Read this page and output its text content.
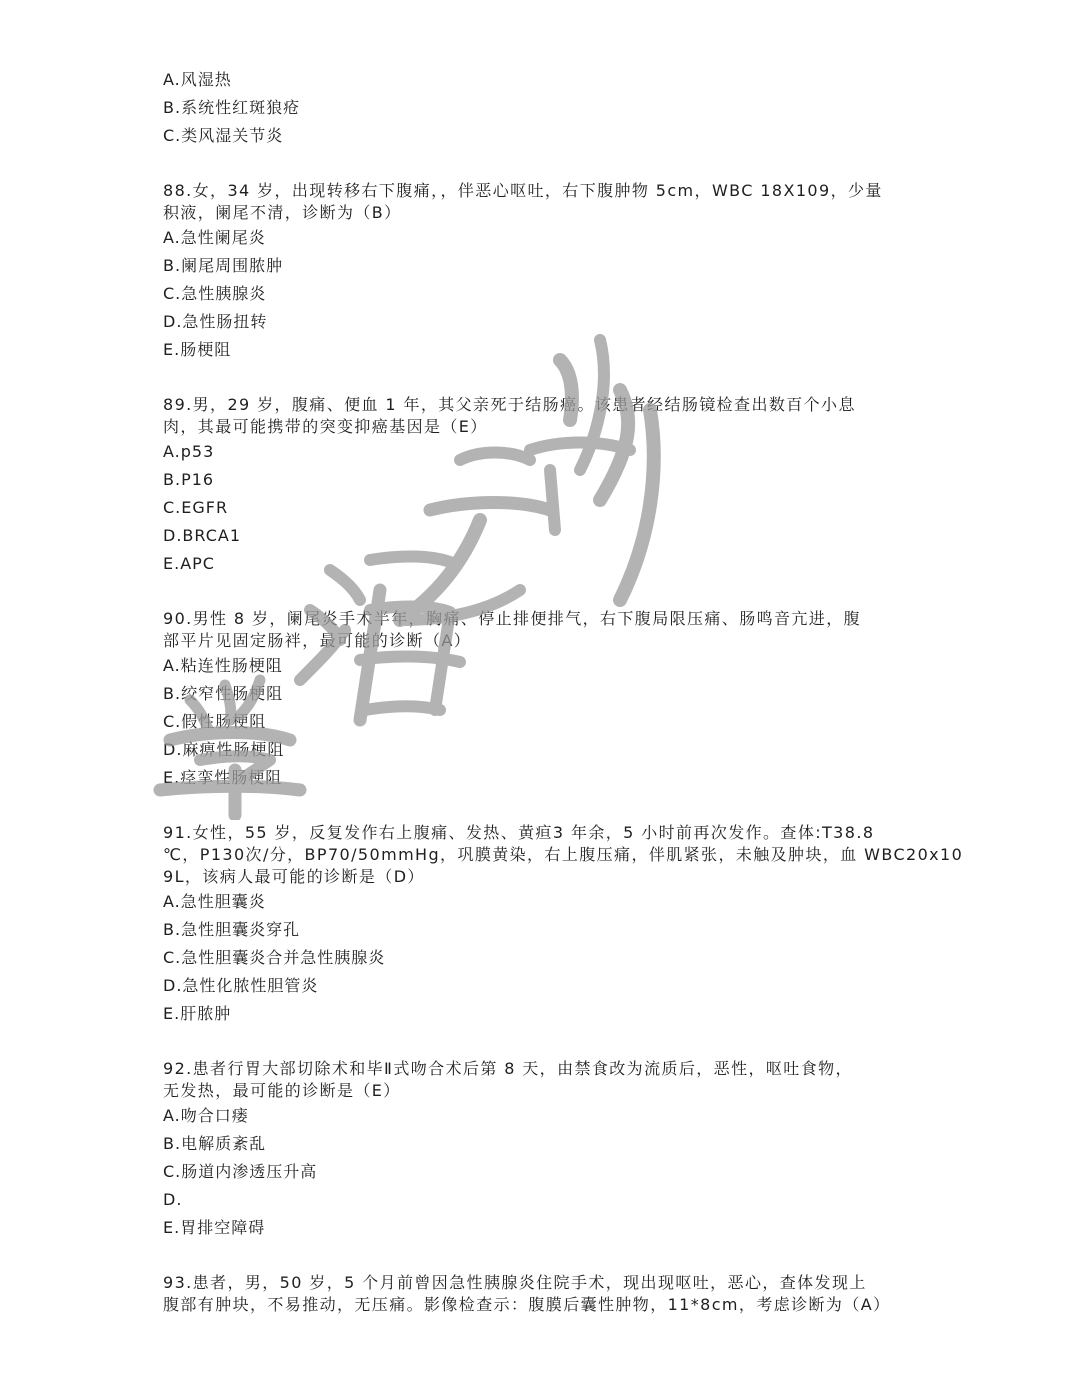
A.风湿热
B.系统性红斑狼疮
C.类风湿关节炎
88.女，34 岁，出现转移右下腹痛，，伴恶心呕吐，右下腹肿物 5cm，WBC 18X109，少量
积液，阑尾不清，诊断为（B）
A.急性阑尾炎
B.阑尾周围脓肿
C.急性胰腺炎
D.急性肠扭转
E.肠梗阻
89.男，29 岁，腹痛、便血 1 年，其父亲死于结肠癌。该患者经结肠镜检查出数百个小息
肉，其最可能携带的突变抑癌基因是（E）
A.p53
B.P16
C.EGFR
D.BRCA1
E.APC
90.男性 8 岁，阑尾炎手术半年，胸痛、停止排便排气，右下腹局限压痛、肠鸣音亢进，腹
部平片见固定肠袢，最可能的诊断（A）
A.粘连性肠梗阻
B.绞窄性肠梗阻
C.假性肠梗阻
D.麻痹性肠梗阻
E.痉挛性肠梗阻
91.女性，55 岁，反复发作右上腹痛、发热、黄疸3 年余，5 小时前再次发作。查体:T38.8
℃，P130次/分，BP70/50mmHg，巩膜黄染，右上腹压痛，伴肌紧张，未触及肿块，血 WBC20x10
9L，该病人最可能的诊断是（D）
A.急性胆囊炎
B.急性胆囊炎穿孔
C.急性胆囊炎合并急性胰腺炎
D.急性化脓性胆管炎
E.肝脓肿
92.患者行胃大部切除术和毕Ⅱ式吻合术后第 8 天，由禁食改为流质后，恶性，呕吐食物，
无发热，最可能的诊断是（E）
A.吻合口瘘
B.电解质紊乱
C.肠道内渗透压升高
D.
E.胃排空障碍
93.患者，男，50 岁，5 个月前曾因急性胰腺炎住院手术，现出现呕吐，恶心，查体发现上
腹部有肿块，不易推动，无压痛。影像检查示：腹膜后囊性肿物，11*8cm，考虑诊断为（A）
